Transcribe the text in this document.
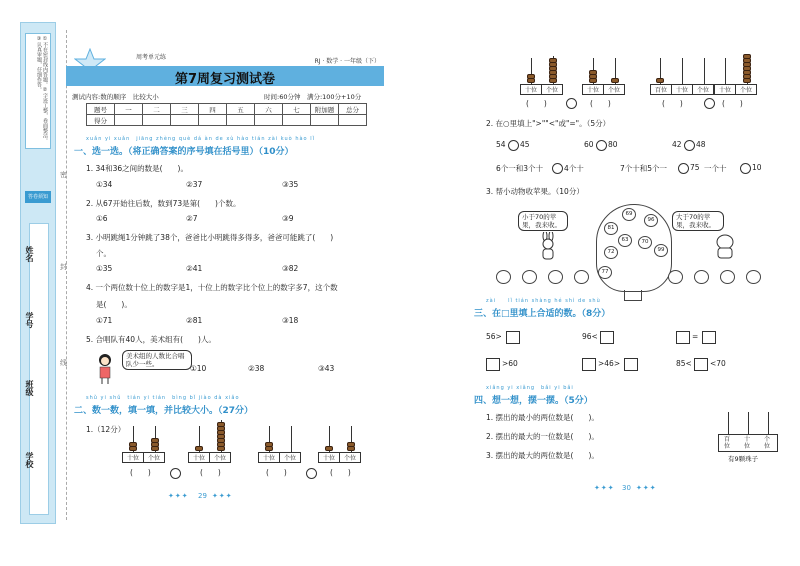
①不在密封线内答题。②字迹工整，卷面整洁。③认真审题，仔细作答。
答卷须知
姓名
学号
班级
学校
密
封
线
周考单元练
第7周复习测试卷
RJ · 数学 · 一年级（下）
测试内容:数的顺序　比较大小	时间:60分钟　满分:100分+10分
题号	一	二	三	四	五	六	七	附加题	总分
得分									
xuǎn yi xuǎn　jiāng zhèng què dá àn de xù hào tián zài kuò hào lǐ
一、选一选。（将正确答案的序号填在括号里）（10分）
1. 34和36之间的数是(　　)。
①34	②37	③35
2. 从67开始往后数，数到73是第(　　)个数。
①6	②7	③9
3. 小明跳绳1分钟跳了38个，爸爸比小明跳得多得多，爸爸可能跳了(　　)
个。
①35	②41	③82
4. 一个两位数十位上的数字是1，十位上的数字比个位上的数字多7，这个数
是(　　)。
①71	②81	③18
5. 合唱队有40人，美术组有(　　)人。
美术组的人数比合唱队少一些。	①10	②38	③43
shǔ yi shǔ　tián yi tián　bìng bǐ jiào dà xiǎo
二、数一数，填一填，并比较大小。（27分）
1.（12分）
十位	个位
(　　)
十位	个位
(　　)
十位	个位
(　　)
十位	个位
(　　)
29
✦✦✦	✦✦✦
十位	个位
(　　)
十位	个位
(　　)
百位	十位	个位
(　　)
十位	个位
(　　)
2. 在○里填上">""<"或"="。（5分）
54 45	60 80	42 48
6个一和3个十	4个十	7个十和5个一	75 一个十	10
3. 帮小动物收苹果。（10分）
小于70的苹果，我来收。
69
81
96
63	70
72	99
77
大于70的苹果，我来收。
zài　　lǐ tián shàng hé shì de shù
三、在□里填上合适的数。（8分）
56>	96<	=
>60	>46>	85< <70
xiǎng yi xiǎng　bǎi yi bǎi
四、想一想，摆一摆。（5分）
1. 摆出的最小的两位数是(　　)。
2. 摆出的最大的一位数是(　　)。
3. 摆出的最大的两位数是(　　)。
百位
十位
个位
有9颗珠子
30
✦✦✦	✦✦✦
